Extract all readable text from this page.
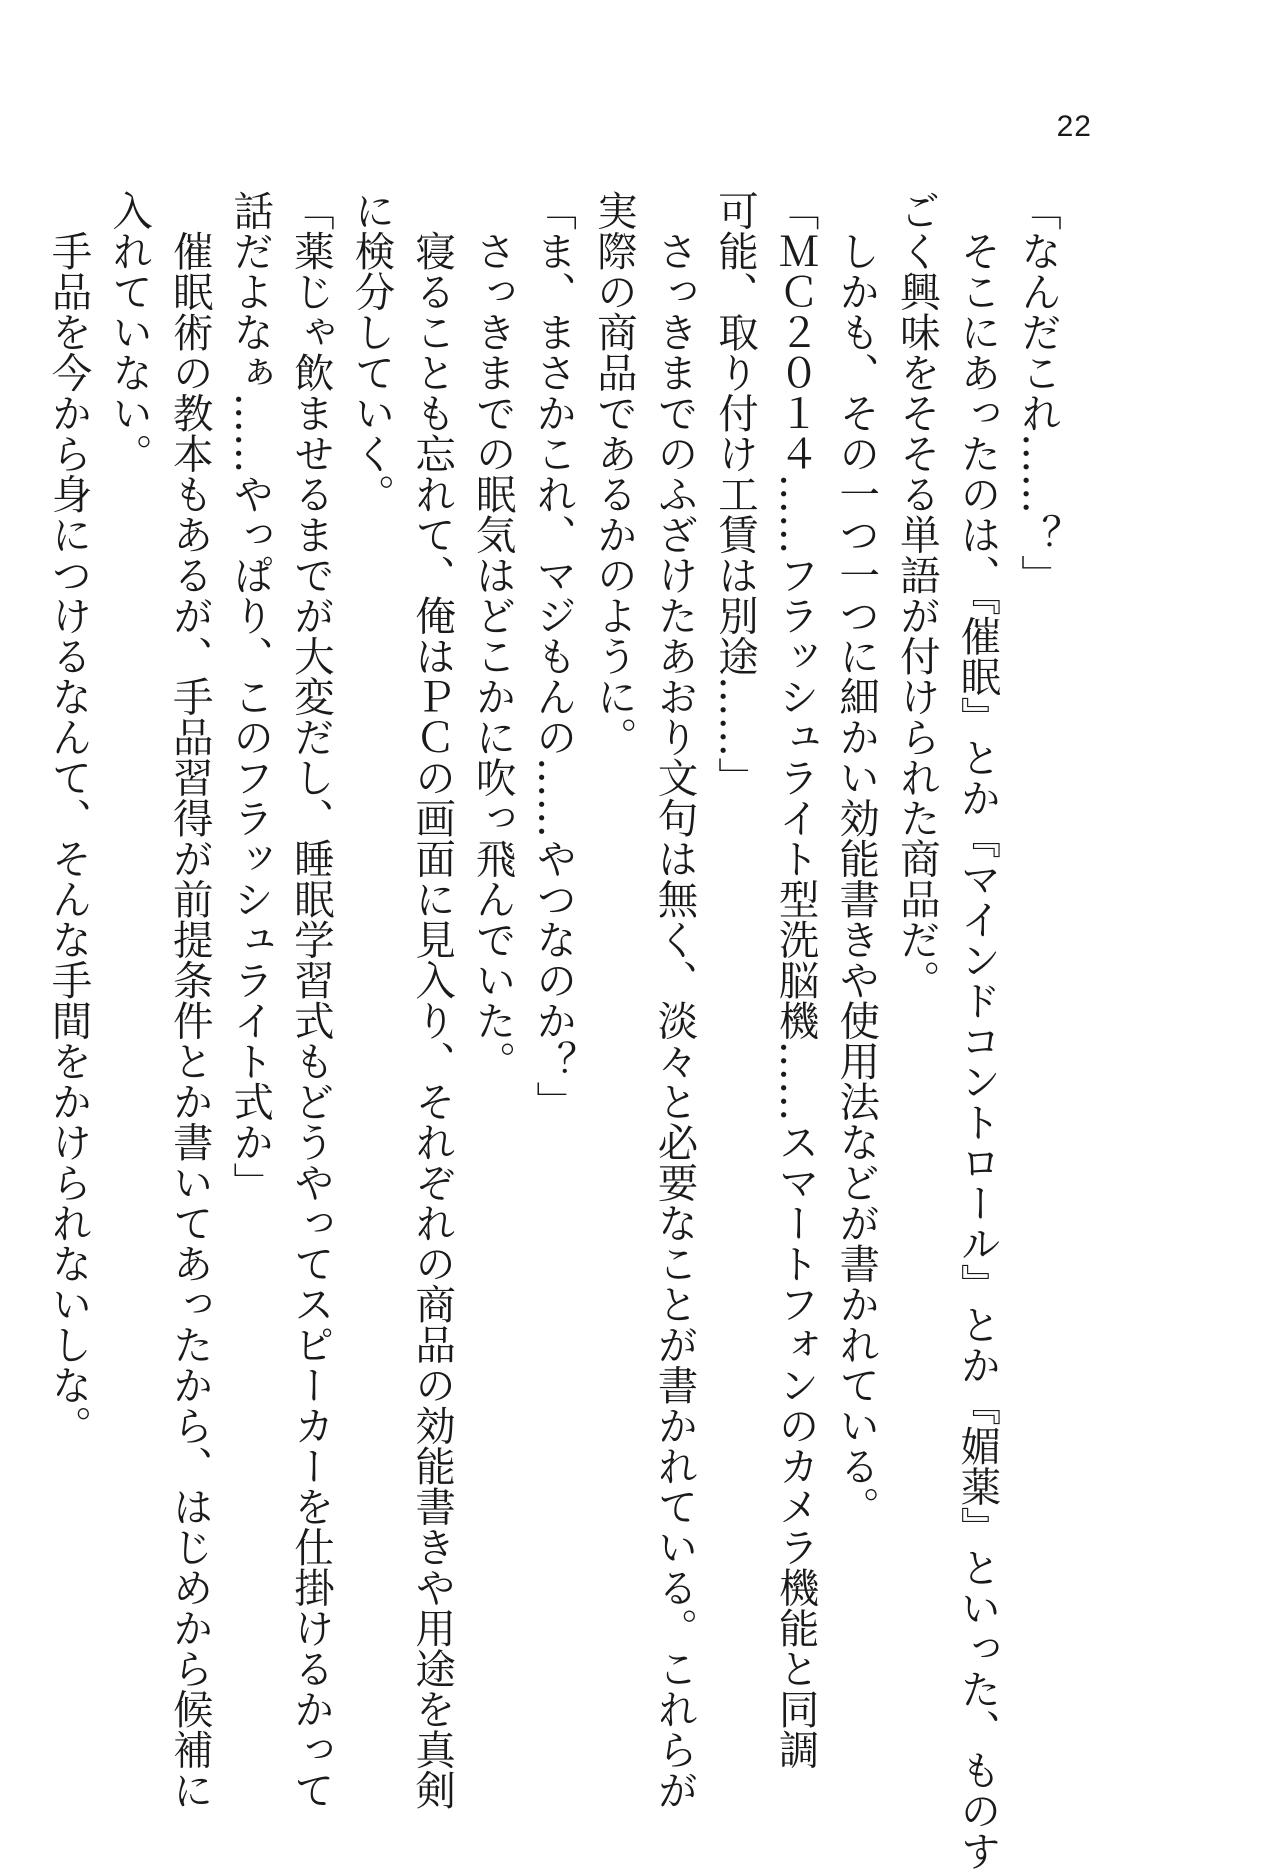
22
「なんだこれ……？」
　そこにあったのは、『催眠』とか『マインドコントロール』とか『媚薬』といった、ものす
ごく興味をそそる単語が付けられた商品だ。
　しかも、その一つ一つに細かい効能書きや使用法などが書かれている。
「ＭＣ２０１４……フラッシュライト型洗脳機……スマートフォンのカメラ機能と同調
可能、取り付け工賃は別途……」
　さっきまでのふざけたあおり文句は無く、淡々と必要なことが書かれている。これらが
実際の商品であるかのように。
「ま、まさかこれ、マジもんの……やつなのか？」
　さっきまでの眠気はどこかに吹っ飛んでいた。
　寝ることも忘れて、俺はＰＣの画面に見入り、それぞれの商品の効能書きや用途を真剣
に検分していく。
「薬じゃ飲ませるまでが大変だし、睡眠学習式もどうやってスピーカーを仕掛けるかって
話だよなぁ……やっぱり、このフラッシュライト式か」
　催眠術の教本もあるが、手品習得が前提条件とか書いてあったから、はじめから候補に
入れていない。
　手品を今から身につけるなんて、そんな手間をかけられないしな。
